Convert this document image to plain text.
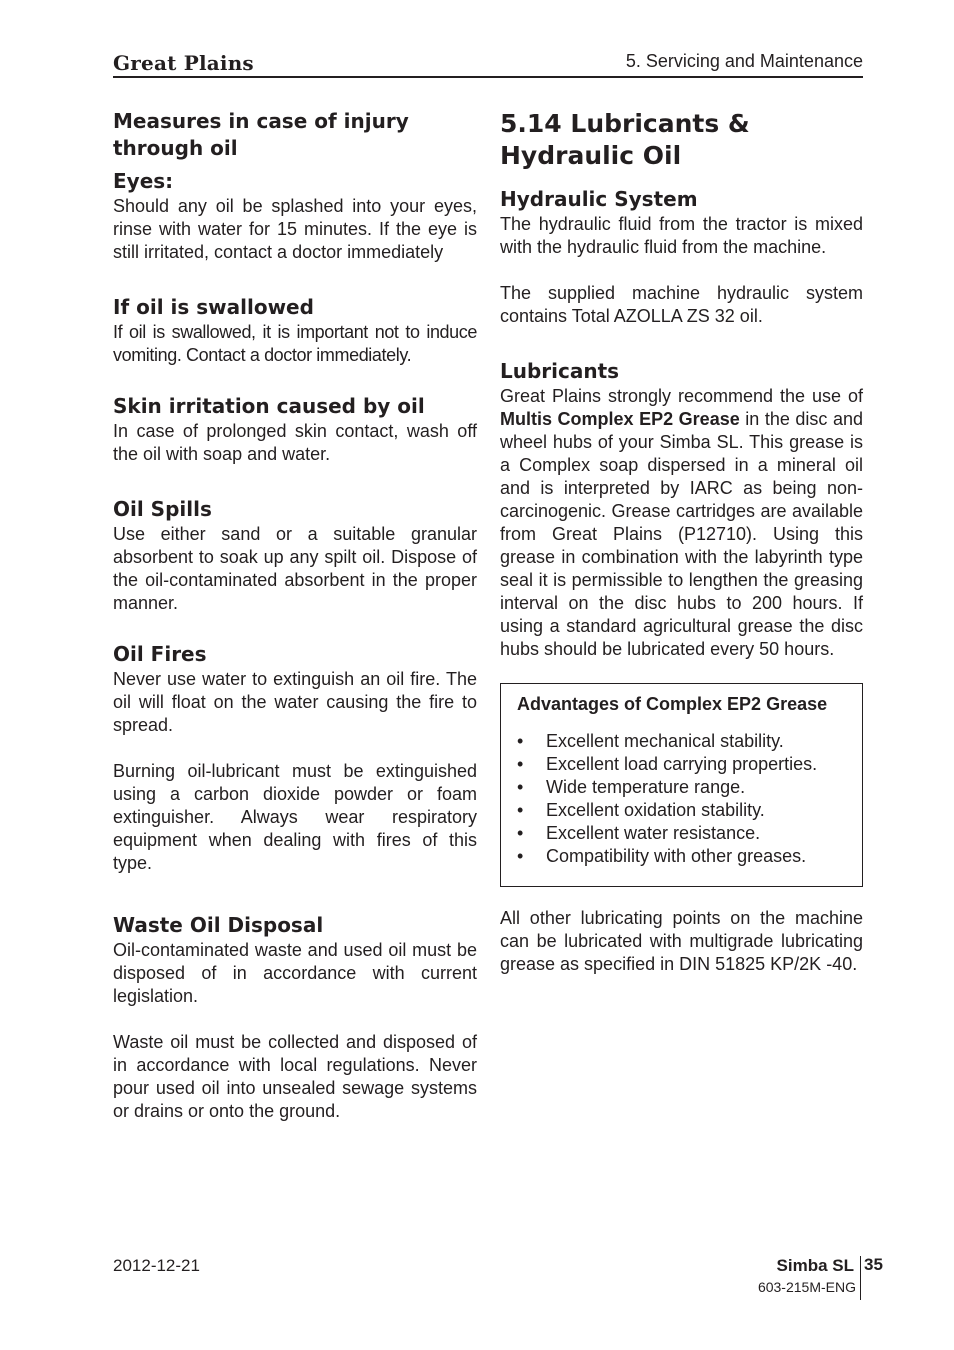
Great Plains	5. Servicing and Maintenance
Measures in case of injury through oil
Eyes:

Should any oil be splashed into your eyes, rinse with water for 15 minutes. If the eye is still irritated, contact a doctor immediately

If oil is swallowed

If oil is swallowed, it is important not to induce vomiting. Contact a doctor immediately.

Skin irritation caused by oil

In case of prolonged skin contact, wash off the oil with soap and water.

Oil Spills

Use either sand or a suitable granular absorbent to soak up any spilt oil. Dispose of the oil-contaminated absorbent in the proper manner.

Oil Fires

Never use water to extinguish an oil fire. The oil will float on the water causing the fire to spread.

Burning oil-lubricant must be extinguished using a carbon dioxide powder or foam extinguisher. Always wear respiratory equipment when dealing with fires of this type.

Waste Oil Disposal

Oil-contaminated waste and used oil must be disposed of in accordance with current legislation.

Waste oil must be collected and disposed of in accordance with local regulations. Never pour used oil into unsealed sewage systems or drains or onto the ground.

5.14 Lubricants & Hydraulic Oil
Hydraulic System

The hydraulic fluid from the tractor is mixed with the hydraulic fluid from the machine.

The supplied machine hydraulic system contains Total AZOLLA ZS 32 oil.

Lubricants

Great Plains strongly recommend the use of Multis Complex EP2 Grease in the disc and wheel hubs of your Simba SL. This grease is a Complex soap dispersed in a mineral oil and is interpreted by IARC as being non-carcinogenic. Grease cartridges are available from Great Plains (P12710). Using this grease in combination with the labyrinth type seal it is permissible to lengthen the greasing interval on the disc hubs to 200 hours. If using a standard agricultural grease the disc hubs should be lubricated every 50 hours.

Advantages of Complex EP2 Grease
• Excellent mechanical stability.
• Excellent load carrying properties.
• Wide temperature range.
• Excellent oxidation stability.
• Excellent water resistance.
• Compatibility with other greases.

All other lubricating points on the machine can be lubricated with multigrade lubricating grease as specified in DIN 51825 KP/2K -40.

2012-12-21	Simba SL
603-215M-ENG
35
